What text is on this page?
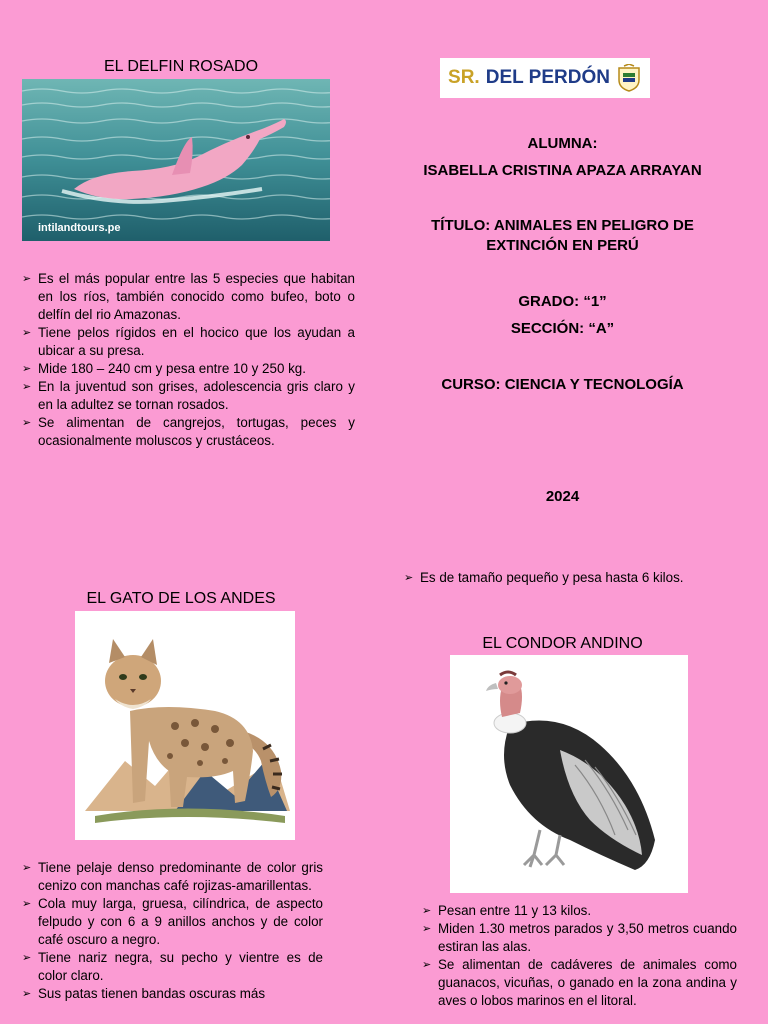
EL DELFIN ROSADO
intilandtours.pe
➢ Es el más popular entre las 5 especies que habitan en los ríos, también conocido como bufeo, boto o delfín del rio Amazonas.
➢ Tiene pelos rígidos en el hocico que los ayudan a ubicar a su presa.
➢ Mide 180 – 240 cm y pesa entre 10 y 250 kg.
➢ En la juventud son grises, adolescencia gris claro y en la adultez se tornan rosados.
➢ Se alimentan de cangrejos, tortugas, peces y ocasionalmente moluscos y crustáceos.
SR. DEL PERDÓN
ALUMNA:
ISABELLA CRISTINA APAZA ARRAYAN
TÍTULO: ANIMALES EN PELIGRO DE
EXTINCIÓN EN PERÚ
GRADO: “1”
SECCIÓN: “A”
CURSO: CIENCIA Y TECNOLOGÍA
2024
➢ Es de tamaño pequeño y pesa hasta 6 kilos.
EL GATO DE LOS ANDES
➢ Tiene pelaje denso predominante de color gris cenizo con manchas café rojizas-amarillentas.
➢ Cola muy larga, gruesa, cilíndrica, de aspecto felpudo y con 6 a 9 anillos anchos y de color café oscuro a negro.
➢ Tiene nariz negra, su pecho y vientre es de color claro.
➢ Sus patas tienen bandas oscuras más
EL CONDOR ANDINO
➢ Pesan entre 11 y 13 kilos.
➢ Miden 1.30 metros parados y 3,50 metros cuando estiran las alas.
➢ Se alimentan de cadáveres de animales como guanacos, vicuñas, o ganado en la zona andina y aves o lobos marinos en el litoral.
